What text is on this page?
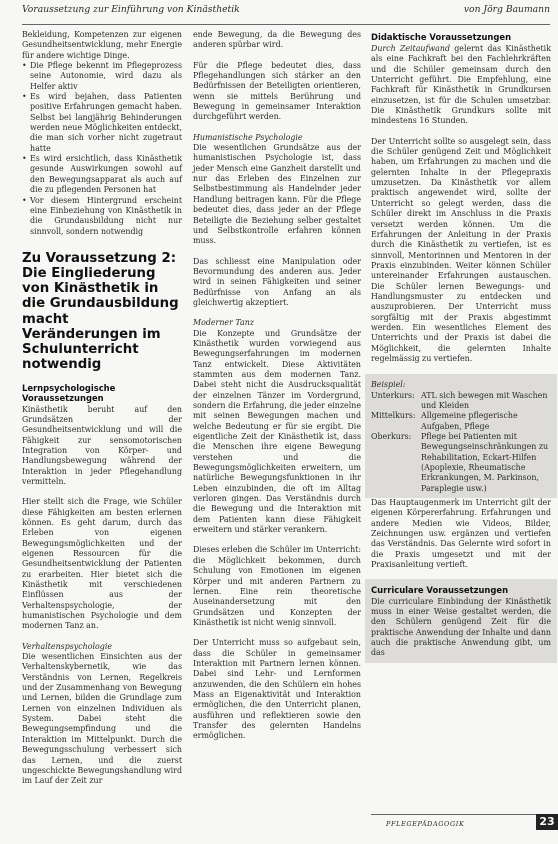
Voraussetzung zur Einführung von Kinästhetik	von Jörg Baumann

Bekleidung, Kompetenzen zur eigenen Gesundheitsentwicklung, mehr Energie für andere wichtige Dinge.

• Die Pflege bekennt im Pflegeprozess seine Autonomie, wird dazu als Helfer aktiv
• Es wird bejahen, dass Patienten positive Erfahrungen gemacht haben. Selbst bei langjährig Behinderungen werden neue Möglichkeiten entdeckt, die man sich vorher nicht zugetraut hatte
• Es wird ersichtlich, dass Kinästhetik gesunde Auswirkungen sowohl auf den Bewegungsapparat als auch auf die zu pflegenden Personen hat
• Vor diesem Hintergrund erscheint eine Einbeziehung von Kinästhetik in die Grundausbildung nicht nur sinnvoll, sondern notwendig
Zu Voraussetzung 2: Die Eingliederung von Kinästhetik in die Grundausbildung macht Veränderungen im Schulunterricht notwendig
Lernpsychologische Voraussetzungen

Kinästhetik beruht auf den Grundsätzen der Gesundheitsentwicklung und will die Fähigkeit zur sensomotorischen Integration von Körper- und Handlungsbewegung während der Interaktion in jeder Pflegehandlung vermitteln.

Hier stellt sich die Frage, wie Schüler diese Fähigkeiten am besten erlernen können. Es geht darum, durch das Erleben von eigenen Bewegungsmöglichkeiten und der eigenen Ressourcen für die Gesundheitsentwicklung der Patienten zu erarbeiten. Hier bietet sich die Kinästhetik mit verschiedenen Einflüssen aus der Verhaltenspsychologie, der humanistischen Psychologie und dem modernen Tanz an.

Verhaltenspsychologie

Die wesentlichen Einsichten aus der Verhaltenskybernetik, wie das Verständnis von Lernen, Regelkreis und der Zusammenhang von Bewegung und Lernen, bilden die Grundlage zum Lernen von einzelnen Individuen als System. Dabei steht die Bewegungsempfindung und die Interaktion im Mittelpunkt. Durch die Bewegungsschulung verbessert sich das Lernen, und die zuerst ungeschickte Bewegungshandlung wird im Lauf der Zeit zur

ende Bewegung, da die Bewegung des anderen spürbar wird.

Für die Pflege bedeutet dies, dass Pflegehandlungen sich stärker an den Bedürfnissen der Beteiligten orientieren, wenn sie mittels Berührung und Bewegung in gemeinsamer Interaktion durchgeführt werden.

Humanistische Psychologie

Die wesentlichen Grundsätze aus der humanistischen Psychologie ist, dass jeder Mensch eine Ganzheit darstellt und nur das Erleben des Einzelnen zur Selbstbestimmung als Handelnder jeder Handlung beitragen kann. Für die Pflege bedeutet dies, dass jeder an der Pflege Beteiligte die Beziehung selber gestaltet und Selbstkontrolle erfahren können muss.

Das schliesst eine Manipulation oder Bevormundung des anderen aus. Jeder wird in seinen Fähigkeiten und seiner Bedürfnisse von Anfang an als gleichwertig akzeptiert.

Moderner Tanz

Die Konzepte und Grundsätze der Kinästhetik wurden vorwiegend aus Bewegungserfahrungen im modernen Tanz entwickelt. Diese Aktivitäten stammten aus dem modernen Tanz. Dabei steht nicht die Ausdrucksqualität der einzelnen Tänzer im Vordergrund, sondern die Erfahrung, die jeder einzelne mit seinen Bewegungen machen und welche Bedeutung er für sie ergibt. Die eigentliche Zeit der Kinästhetik ist, dass die Menschen ihre eigene Bewegung verstehen und die Bewegungsmöglichkeiten erweitern, um natürliche Bewegungsfunktionen in ihr Leben einzubinden, die oft im Alltag verloren gingen. Das Verständnis durch die Bewegung und die Interaktion mit dem Patienten kann diese Fähigkeit erweitern und stärker verankern.

Dieses erleben die Schüler im Unterricht: die Möglichkeit bekommen, durch Schulung von Emotionen im eigenen Körper und mit anderen Partnern zu lernen. Eine rein theoretische Auseinandersetzung mit den Grundsätzen und Konzepten der Kinästhetik ist nicht wenig sinnvoll.

Der Unterricht muss so aufgebaut sein, dass die Schüler in gemeinsamer Interaktion mit Partnern lernen können. Dabei sind Lehr- und Lernformen anzuwenden, die den Schülern ein hohes Mass an Eigenaktivität und Interaktion ermöglichen, die den Unterricht planen, ausführen und reflektieren sowie den Transfer des gelernten Handelns ermöglichen.

Didaktische Voraussetzungen

Durch Zeitaufwand gelernt das Kinästhetik als eine Fachkraft bei den Fachlehrkräften und die Schüler gemeinsam durch den Unterricht geführt. Die Empfehlung, eine Fachkraft für Kinästhetik in Grundkursen einzusetzen, ist für die Schulen umsetzbar. Die Kinästhetik Grundkurs sollte mit mindestens 16 Stunden.

Der Unterricht sollte so ausgelegt sein, dass die Schüler genügend Zeit und Möglichkeit haben, um Erfahrungen zu machen und die gelernten Inhalte in der Pflegepraxis umzusetzen. Da Kinästhetik vor allem praktisch angewendet wird, sollte der Unterricht so gelegt werden, dass die Schüler direkt im Anschluss in die Praxis versetzt werden können. Um die Erfahrungen der Anleitung in der Praxis durch die Kinästhetik zu vertiefen, ist es sinnvoll, Mentorinnen und Mentoren in der Praxis einzubinden. Weiter können Schüler untereinander Erfahrungen austauschen. Die Schüler lernen Bewegungs- und Handlungsmuster zu entdecken und auszuprobieren. Der Unterricht muss sorgfältig mit der Praxis abgestimmt werden. Ein wesentliches Element des Unterrichts und der Praxis ist dabei die Möglichkeit, die gelernten Inhalte regelmässig zu vertiefen.

Beispiel:
Unterkurs: ATL sich bewegen mit Waschen und Kleiden
Mittelkurs: Allgemeine pflegerische Aufgaben, Pflege
Oberkurs:	Pflege bei Patienten mit Bewegungseinschränkungen zu Rehabilitation, Eckart-Hilfen (Apoplexie, Rheumatische Erkrankungen, M. Parkinson, Paraplegie usw.)

Das Hauptaugenmerk im Unterricht gilt der eigenen Körpererfahrung. Erfahrungen und andere Medien wie Videos, Bilder, Zeichnungen usw. ergänzen und vertiefen das Verständnis. Das Gelernte wird sofort in die Praxis umgesetzt und mit der Praxisanleitung vertieft.

Curriculare Voraussetzungen

Die curriculare Einbindung der Kinästhetik muss in einer Weise gestaltet werden, die den Schülern genügend Zeit für die praktische Anwendung der Inhalte und dann auch die praktische Anwendung gibt, um das

PFLEGEPÄDAGOGIK	23
